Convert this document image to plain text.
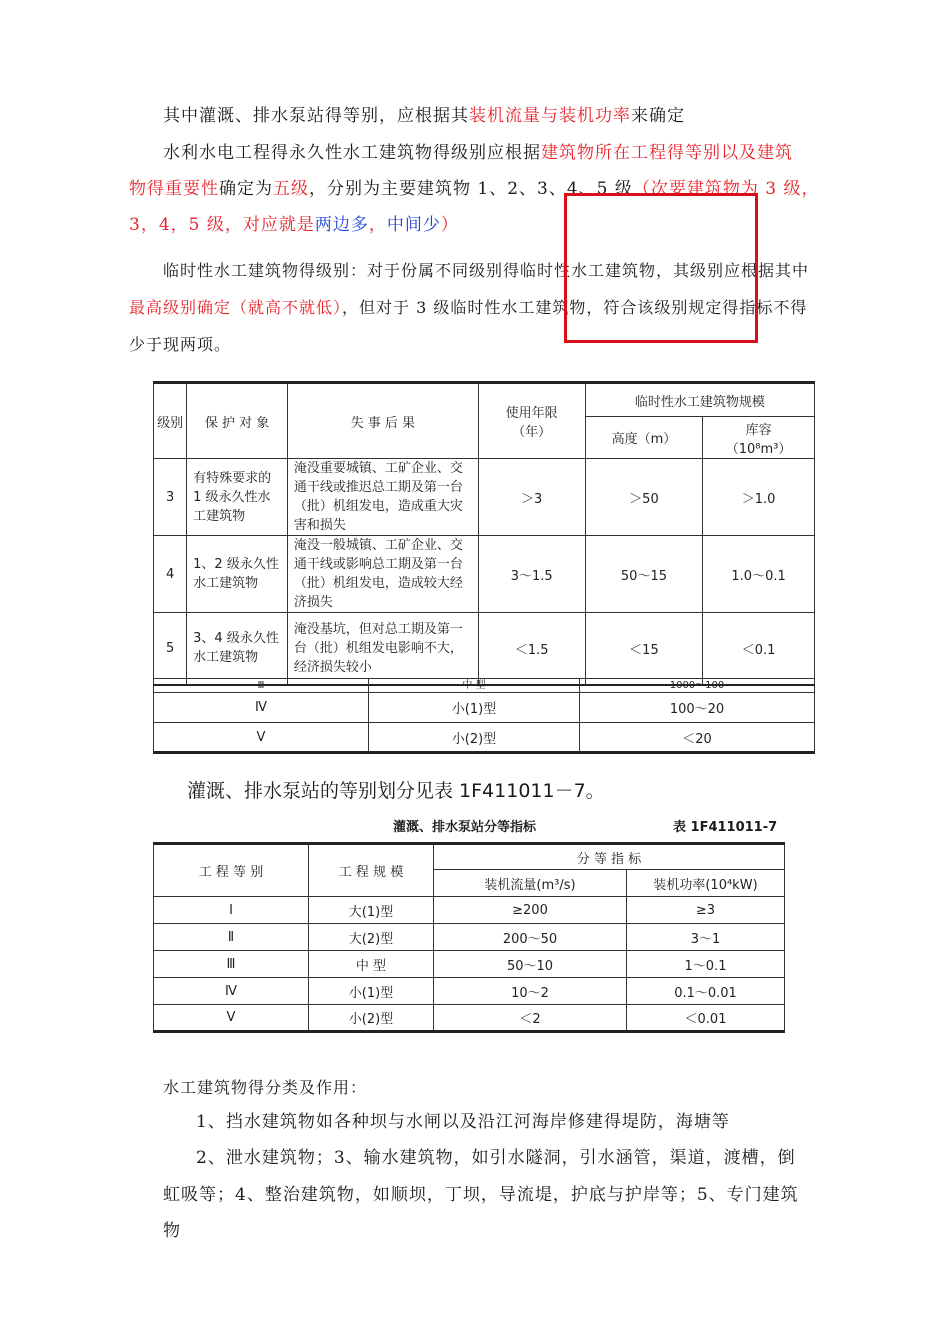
其中灌溉、排水泵站得等别，应根据其装机流量与装机功率来确定
水利水电工程得永久性水工建筑物得级别应根据建筑物所在工程得等别以及建筑
物得重要性确定为五级，分别为主要建筑物 1、2、3、4、5 级（次要建筑物为 3 级，
3，4，5 级，对应就是两边多，中间少）
临时性水工建筑物得级别：对于份属不同级别得临时性水工建筑物，其级别应根据其中
最高级别确定（就高不就低），但对于 3 级临时性水工建筑物，符合该级别规定得指标不得
少于现两项。
级别	保 护 对 象	失 事 后 果	使用年限（年）	临时性水工建筑物规模	
				高度（m）	库容（10⁸m³）
3	有特殊要求的 1 级永久性水工建筑物	淹没重要城镇、工矿企业、交通干线或推迟总工期及第一台（批）机组发电，造成重大灾害和损失	＞3	＞50	＞1.0
4	1、2 级永久性水工建筑物	淹没一般城镇、工矿企业、交通干线或影响总工期及第一台（批）机组发电，造成较大经济损失	3～1.5	50～15	1.0～0.1
5	3、4 级永久性水工建筑物	淹没基坑，但对总工期及第一台（批）机组发电影响不大，经济损失较小	＜1.5	＜15	＜0.1
Ⅲ	中 型	1000～100
Ⅳ	小(1)型	100～20
Ⅴ	小(2)型	＜20
灌溉、排水泵站的等别划分见表 1F411011－7。
灌溉、排水泵站分等指标	表 1F411011-7
工 程 等 别	工 程 规 模	分 等 指 标	
		装机流量(m³/s)	装机功率(10⁴kW)
Ⅰ	大(1)型	≥200	≥3
Ⅱ	大(2)型	200～50	3～1
Ⅲ	中 型	50～10	1～0.1
Ⅳ	小(1)型	10～2	0.1～0.01
Ⅴ	小(2)型	＜2	＜0.01
水工建筑物得分类及作用：
1、挡水建筑物如各种坝与水闸以及沿江河海岸修建得堤防，海塘等
2、泄水建筑物；3、输水建筑物，如引水隧洞，引水涵管，渠道，渡槽，倒
虹吸等；4、整治建筑物，如顺坝，丁坝，导流堤，护底与护岸等；5、专门建筑
物
